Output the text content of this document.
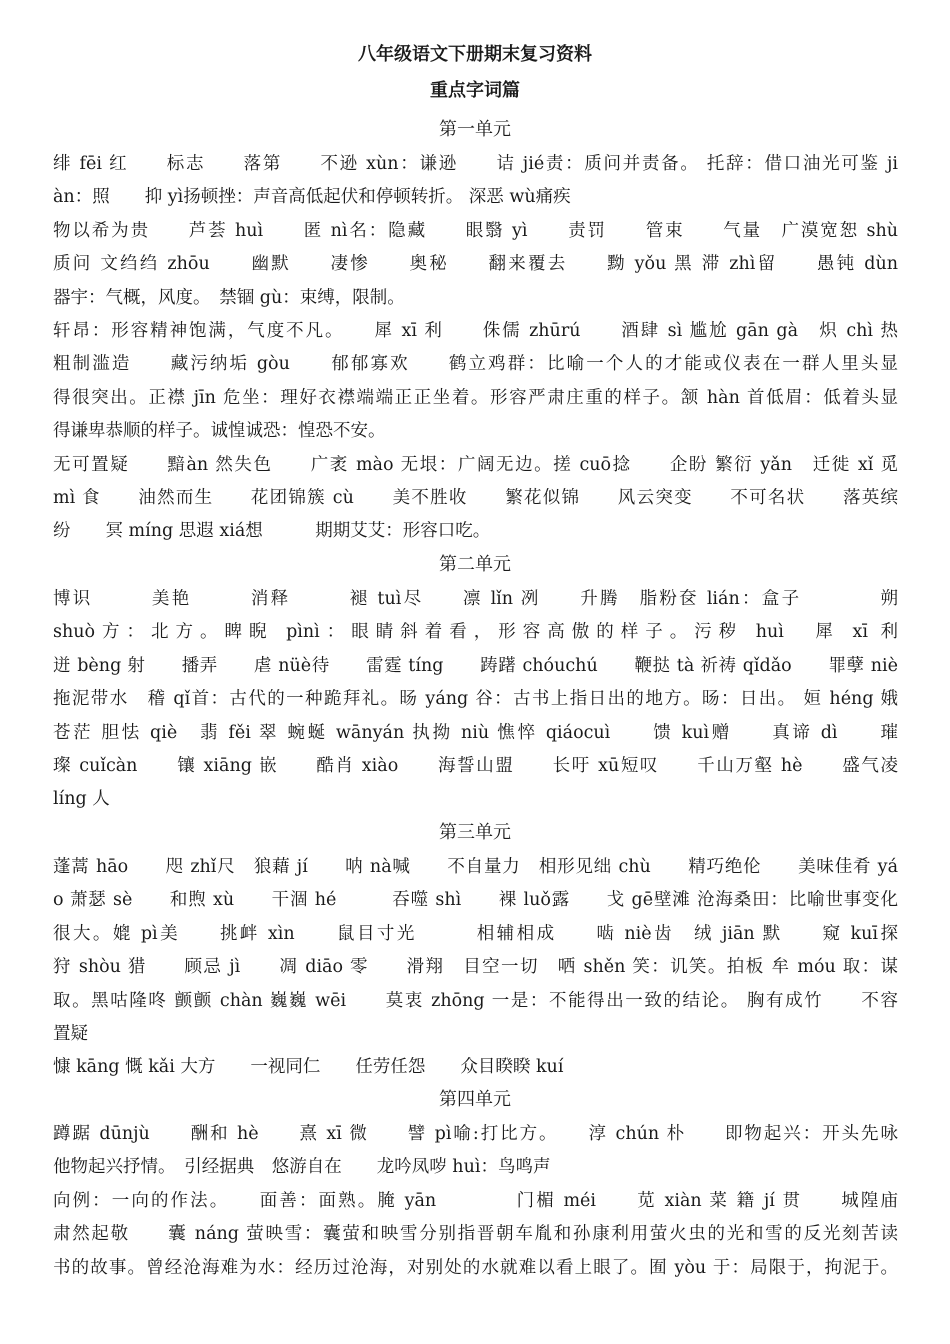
八年级语文下册期末复习资料
重点字词篇
第一单元
绯 fēi 红　　标志　　落第　　不逊 xùn：谦逊　　诘 jié责：质问并责备。 托辞：借口油光可鉴 ji
àn：照　　抑 yì扬顿挫：声音高低起伏和停顿转折。 深恶 wù痛疾
物以希为贵　　芦荟 huì　　匿 nì名：隐藏　　眼翳 yì　　责罚　　管束　　气量　广漠宽恕 shù
质问 文绉绉 zhōu　　幽默　　凄惨　　奥秘　　翻来覆去　　黝 yǒu 黑 滞 zhì留　　愚钝 dùn
器宇：气概，风度。　禁锢 gù：束缚，限制。
轩昂：形容精神饱满，气度不凡。　　犀 xī 利　　侏儒 zhūrú　　酒肆 sì 尴尬 gān gà　炽 chì 热
粗制滥造　　藏污纳垢 gòu　　郁郁寡欢　　鹤立鸡群：比喻一个人的才能或仪表在一群人里头显
得很突出。正襟 jīn 危坐：理好衣襟端端正正坐着。形容严肃庄重的样子。颔 hàn 首低眉：低着头显
得谦卑恭顺的样子。诚惶诚恐：惶恐不安。
无可置疑　　黯àn 然失色　　广袤 mào 无垠：广阔无边。搓 cuō捻　　企盼 繁衍 yǎn　迁徙 xǐ 觅
mì 食　　油然而生　　花团锦簇 cù　　美不胜收　　繁花似锦　　风云突变　　不可名状　　落英缤
纷　　冥 míng 思遐 xiá想　　　期期艾艾：形容口吃。
第二单元
博识　　　美艳　　　消释　　　褪 tuì尽　　凛 lǐn 冽　　升腾　脂粉奁 lián：盒子　　　　朔
shuò方：北方。睥睨 pìnì：眼睛斜着看，形容高傲的样子。污秽 huì　犀 xī 利
迸 bèng 射　　播弄　　虐 nüè待　　雷霆 tíng　　踌躇 chóuchú　　鞭挞 tà 祈祷 qǐdǎo　　罪孽 niè
拖泥带水　稽 qǐ首：古代的一种跪拜礼。旸 yáng 谷：古书上指日出的地方。旸：日出。 姮 héng 娥
苍茫 胆怯 qiè　翡 fěi 翠 蜿蜒 wānyán 执拗 niù 憔悴 qiáocuì　　馈 kuì赠　　真谛 dì　　璀
璨 cuǐcàn　　镶 xiāng 嵌　　酷肖 xiào　　海誓山盟　　长吁 xū短叹　　千山万壑 hè　　盛气凌
líng 人
第三单元
蓬蒿 hāo　　咫 zhǐ尺　狼藉 jí　　呐 nà喊　　不自量力　相形见绌 chù　　精巧绝伦　　美味佳肴 yá
o 萧瑟 sè　　和煦 xù　　干涸 hé　　　吞噬 shì　　裸 luǒ露　　戈 gē壁滩 沧海桑田：比喻世事变化
很大。媲 pì美　　挑衅 xìn　　鼠目寸光　　　相辅相成　　啮 niè齿　绒 jiān 默　　窥 kuī探
狩 shòu 猎　　顾忌 jì　　凋 diāo 零　　滑翔　目空一切　哂 shěn 笑：讥笑。拍板 牟 móu 取：谋
取。黑咕隆咚 颤颤 chàn 巍巍 wēi　　莫衷 zhōng 一是：不能得出一致的结论。 胸有成竹　　不容
置疑
慷 kāng 慨 kǎi 大方　　一视同仁　　任劳任怨　　众目睽睽 kuí
第四单元
蹲踞 dūnjù　　酬和 hè　　熹 xī 微　　譬 pì喻:打比方。　　淳 chún 朴　　即物起兴：开头先咏
他物起兴抒情。　引经据典　悠游自在　　龙吟凤哕 huì：鸟鸣声
向例：一向的作法。　　面善：面熟。腌 yān　　　　门楣 méi　　苋 xiàn 菜 籍 jí 贯　　城隍庙
肃然起敬　　囊 náng 萤映雪：囊萤和映雪分别指晋朝车胤和孙康利用萤火虫的光和雪的反光刻苦读
书的故事。曾经沧海难为水：经历过沧海，对别处的水就难以看上眼了。囿 yòu 于：局限于，拘泥于。
